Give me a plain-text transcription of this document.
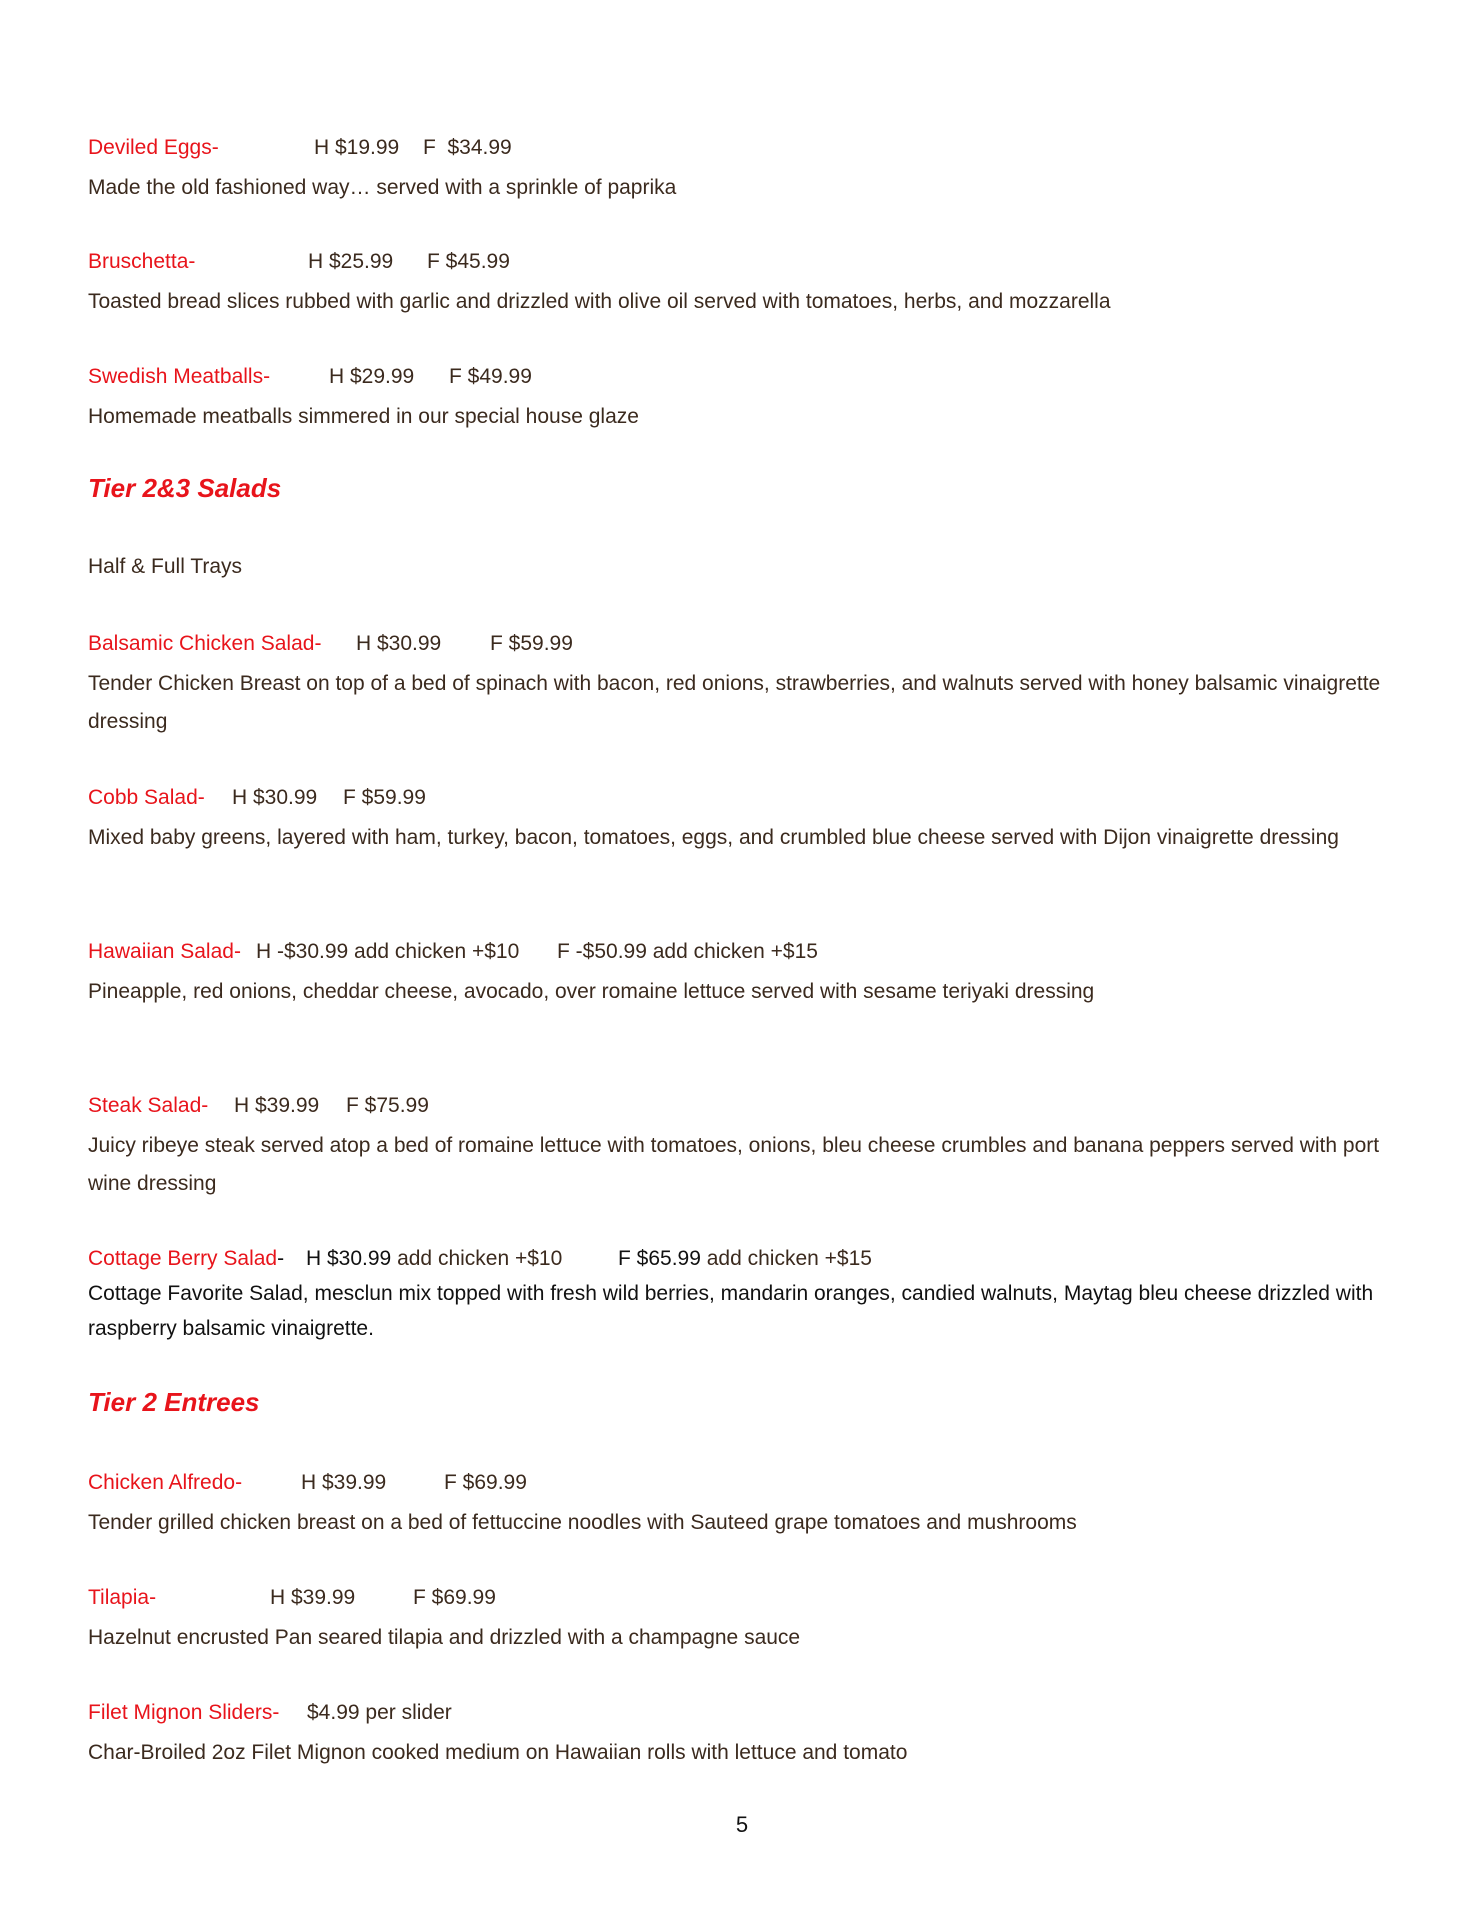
Deviled Eggs-	H $19.99 F  $34.99
Made the old fashioned way… served with a sprinkle of paprika
Bruschetta-	H $25.99 F $45.99
Toasted bread slices rubbed with garlic and drizzled with olive oil served with tomatoes, herbs, and mozzarella
Swedish Meatballs-	H $29.99 F $49.99
Homemade meatballs simmered in our special house glaze
Tier 2&3 Salads
Half & Full Trays
Balsamic Chicken Salad- H $30.99 F $59.99
Tender Chicken Breast on top of a bed of spinach with bacon, red onions, strawberries, and walnuts served with honey balsamic vinaigrette dressing
Cobb Salad- H $30.99 F $59.99
Mixed baby greens, layered with ham, turkey, bacon, tomatoes, eggs, and crumbled blue cheese served with Dijon vinaigrette dressing
Hawaiian Salad- H -$30.99 add chicken +$10 F -$50.99 add chicken +$15
Pineapple, red onions, cheddar cheese, avocado, over romaine lettuce served with sesame teriyaki dressing
Steak Salad- H $39.99 F $75.99
Juicy ribeye steak served atop a bed of romaine lettuce with tomatoes, onions, bleu cheese crumbles and banana peppers served with port wine dressing
Cottage Berry Salad- H $30.99 add chicken +$10	F $65.99 add chicken +$15
Cottage Favorite Salad, mesclun mix topped with fresh wild berries, mandarin oranges, candied walnuts, Maytag bleu cheese drizzled with raspberry balsamic vinaigrette.
Tier 2 Entrees
Chicken Alfredo-	H $39.99	F $69.99
Tender grilled chicken breast on a bed of fettuccine noodles with Sauteed grape tomatoes and mushrooms
Tilapia-	H $39.99	F $69.99
Hazelnut encrusted Pan seared tilapia and drizzled with a champagne sauce
Filet Mignon Sliders- $4.99 per slider
Char-Broiled 2oz Filet Mignon cooked medium on Hawaiian rolls with lettuce and tomato
5
